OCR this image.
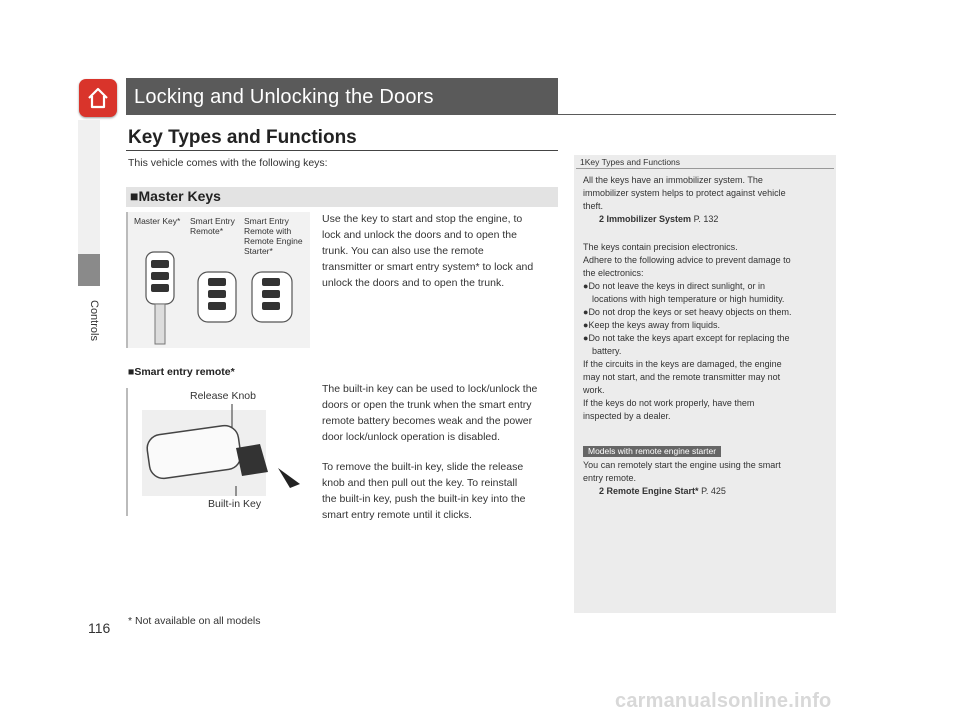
Controls
Locking and Unlocking the Doors
Key Types and Functions
This vehicle comes with the following keys:
■Master Keys
Master Key*	Smart Entry Remote*
Smart Entry Remote with Remote Engine Starter*
Use the key to start and stop the engine, to
lock and unlock the doors and to open the
trunk. You can also use the remote
transmitter or smart entry system* to lock and
unlock the doors and to open the trunk.
■Smart entry remote*
Release Knob
Built-in Key
The built-in key can be used to lock/unlock the
doors or open the trunk when the smart entry
remote battery becomes weak and the power
door lock/unlock operation is disabled.
To remove the built-in key, slide the release
knob and then pull out the key. To reinstall
the built-in key, push the built-in key into the
smart entry remote until it clicks.
1Key Types and Functions
All the keys have an immobilizer system. The
immobilizer system helps to protect against vehicle
theft.
2 Immobilizer System P. 132
The keys contain precision electronics.
Adhere to the following advice to prevent damage to
the electronics:
●Do not leave the keys in direct sunlight, or in
locations with high temperature or high humidity.
●Do not drop the keys or set heavy objects on them.
●Keep the keys away from liquids.
●Do not take the keys apart except for replacing the
battery.
If the circuits in the keys are damaged, the engine
may not start, and the remote transmitter may not
work.
If the keys do not work properly, have them
inspected by a dealer.
Models with remote engine starter
You can remotely start the engine using the smart
entry remote.
2 Remote Engine Start* P. 425
116 * Not available on all models
carmanualsonline.info
